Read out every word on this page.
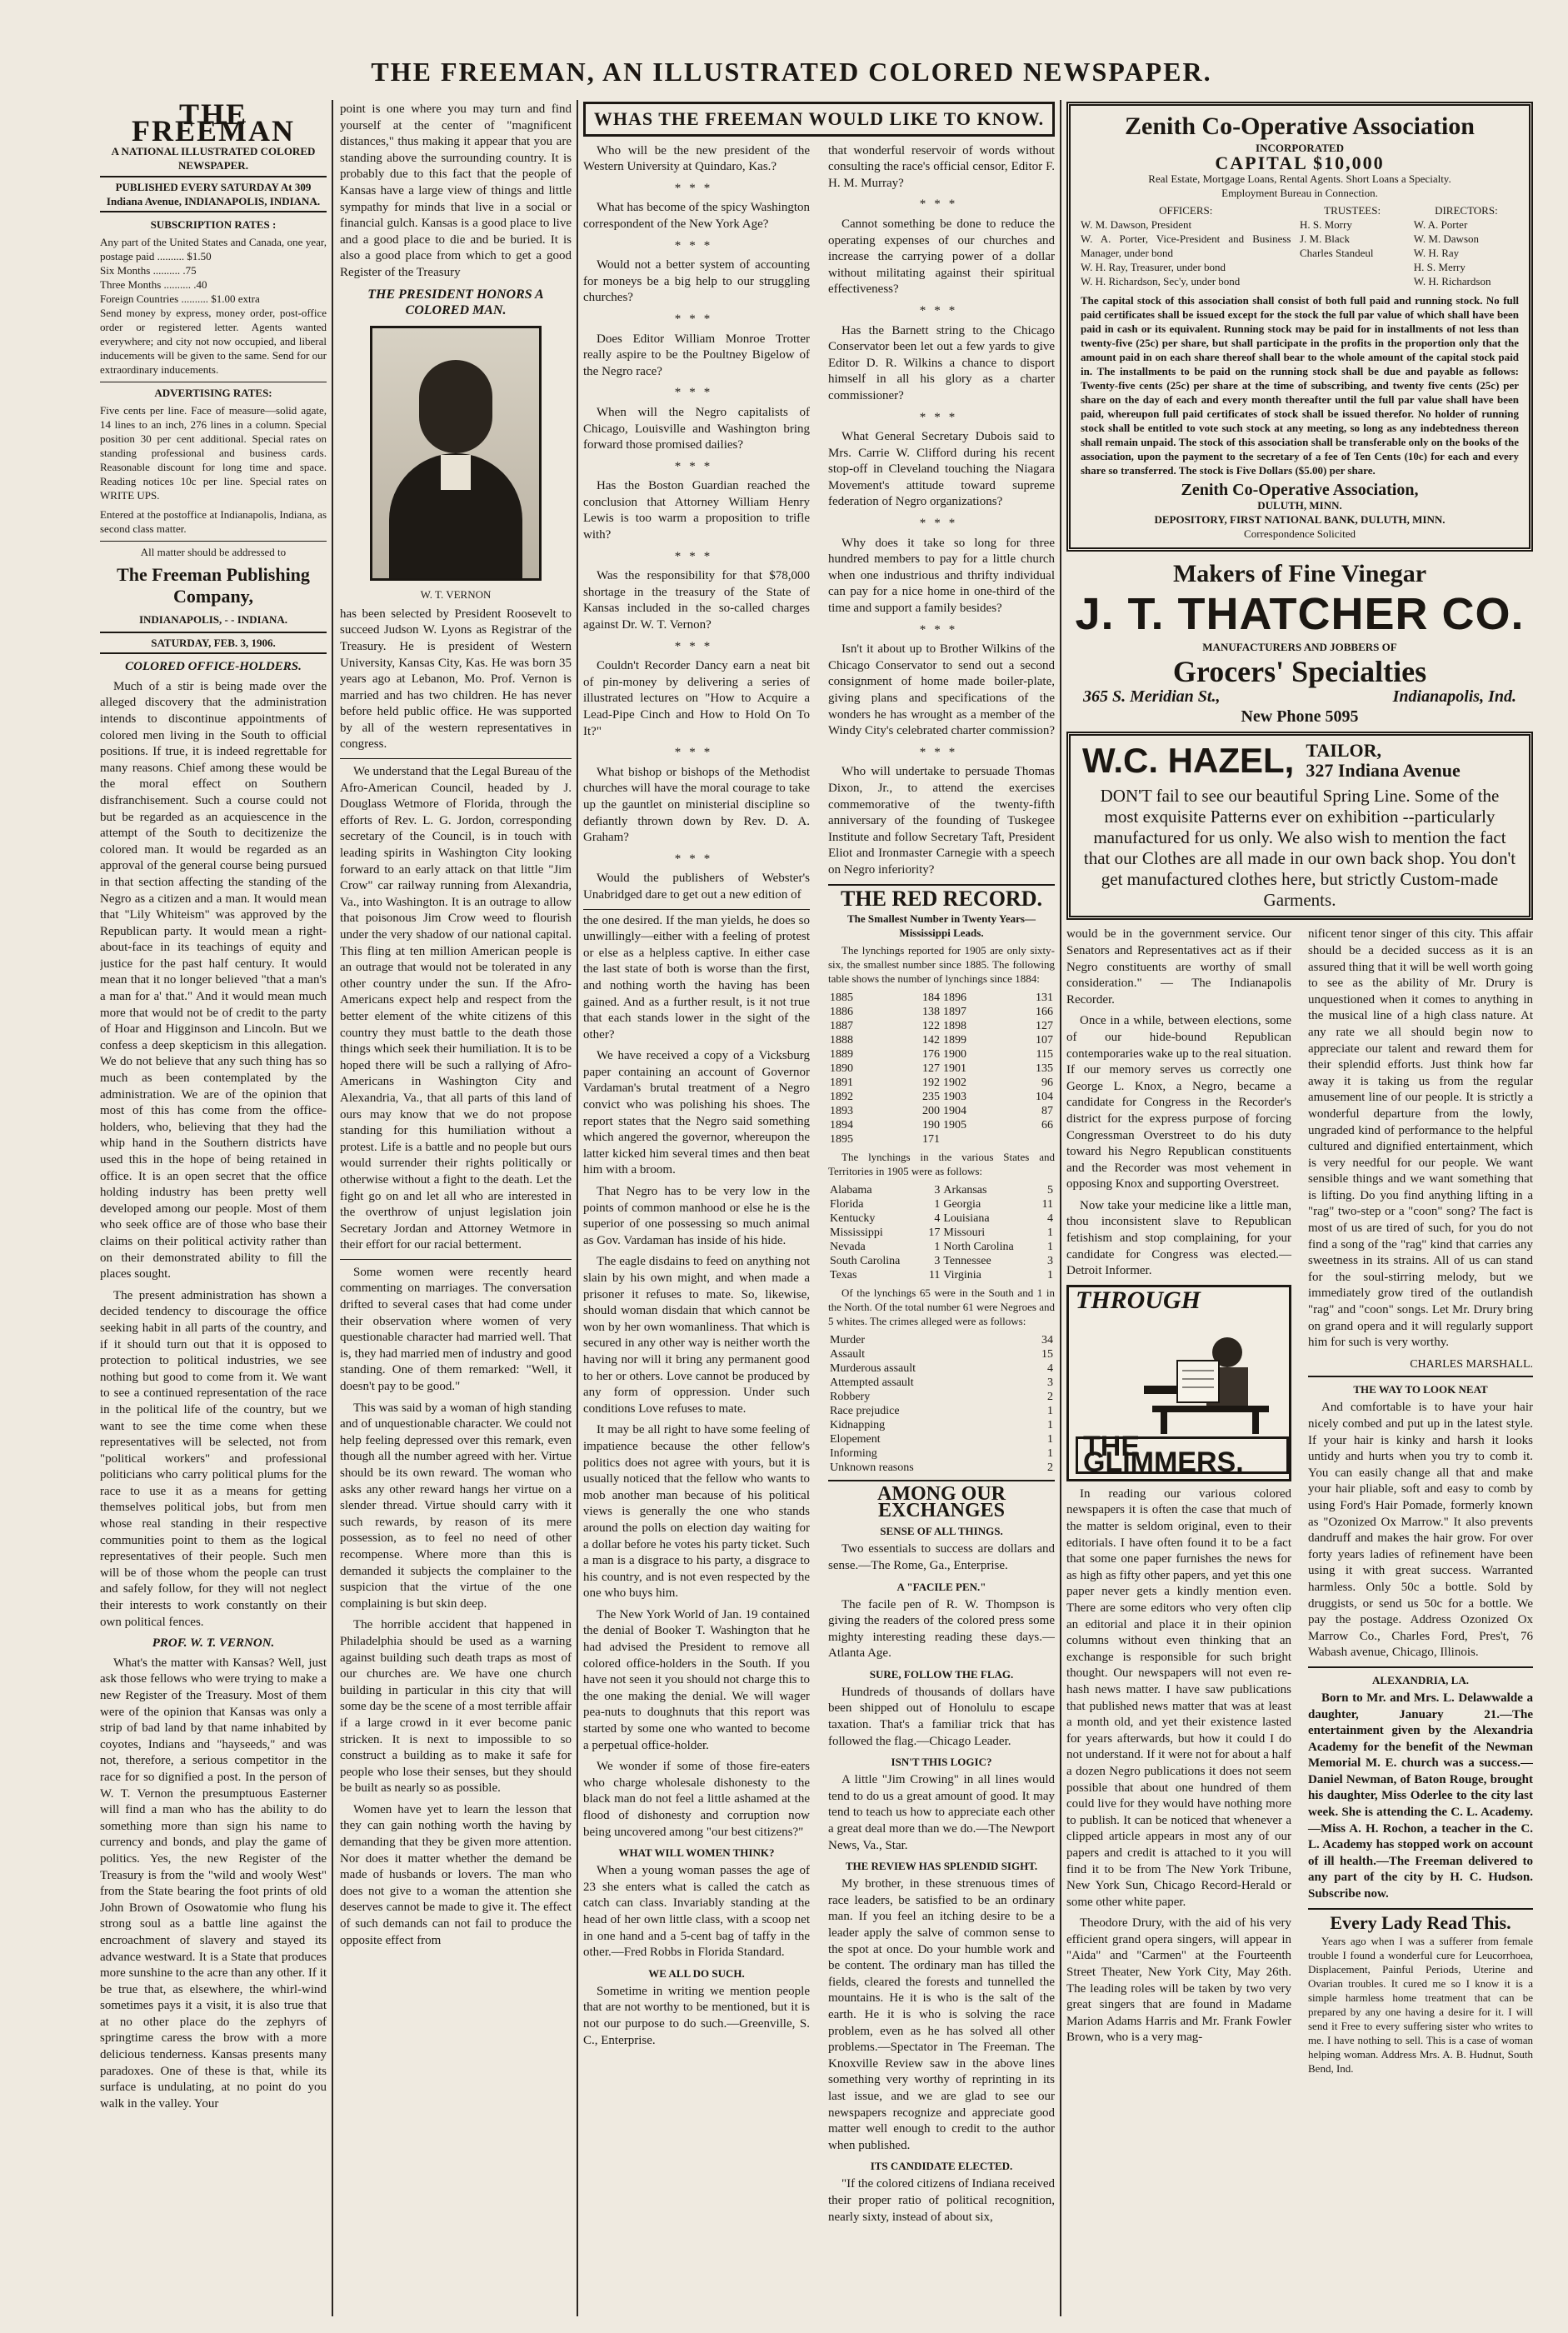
THE FREEMAN, AN ILLUSTRATED COLORED NEWSPAPER.
THE FREEMAN
A NATIONAL ILLUSTRATED COLORED NEWSPAPER.
PUBLISHED EVERY SATURDAY At 309 Indiana Avenue, INDIANAPOLIS, INDIANA.
SUBSCRIPTION RATES :
Any part of the United States and Canada, one year, postage paid .......... $1.50
Six Months .......... .75
Three Months .......... .40
Foreign Countries .......... $1.00 extra
Send money by express, money order, post-office order or registered letter. Agents wanted everywhere; and city not now occupied, and liberal inducements will be given to the same. Send for our extraordinary inducements.
ADVERTISING RATES:
Five cents per line. Face of measure—solid agate, 14 lines to an inch, 276 lines in a column. Special position 30 per cent additional. Special rates on standing professional and business cards. Reasonable discount for long time and space. Reading notices 10c per line. Special rates on WRITE UPS.
Entered at the postoffice at Indianapolis, Indiana, as second class matter.
All matter should be addressed to
The Freeman Publishing Company,
INDIANAPOLIS, - - INDIANA.
SATURDAY, FEB. 3, 1906.
COLORED OFFICE-HOLDERS.

Much of a stir is being made over the alleged discovery that the administration intends to discontinue appointments of colored men living in the South to official positions. If true, it is indeed regrettable for many reasons. Chief among these would be the moral effect on Southern disfranchisement. Such a course could not but be regarded as an acquiescence in the attempt of the South to decitizenize the colored man. It would be regarded as an approval of the general course being pursued in that section affecting the standing of the Negro as a citizen and a man. It would mean that "Lily Whiteism" was approved by the Republican party. It would mean a right-about-face in its teachings of equity and justice for the past half century. It would mean that it no longer believed "that a man's a man for a' that." And it would mean much more that would not be of credit to the party of Hoar and Higginson and Lincoln. But we confess a deep skepticism in this allegation. We do not believe that any such thing has so much as been contemplated by the administration. We are of the opinion that most of this has come from the office-holders, who, believing that they had the whip hand in the Southern districts have used this in the hope of being retained in office. It is an open secret that the office holding industry has been pretty well developed among our people. Most of them who seek office are of those who base their claims on their political activity rather than on their demonstrated ability to fill the places sought.

The present administration has shown a decided tendency to discourage the office seeking habit in all parts of the country, and if it should turn out that it is opposed to protection to political industries, we see nothing but good to come from it. We want to see a continued representation of the race in the political life of the country, but we want to see the time come when these representatives will be selected, not from "political workers" and professional politicians who carry political plums for the race to use it as a means for getting themselves political jobs, but from men whose real standing in their respective communities point to them as the logical representatives of their people. Such men will be of those whom the people can trust and safely follow, for they will not neglect their interests to work constantly on their own political fences.

PROF. W. T. VERNON.

What's the matter with Kansas? Well, just ask those fellows who were trying to make a new Register of the Treasury. Most of them were of the opinion that Kansas was only a strip of bad land by that name inhabited by coyotes, Indians and "hayseeds," and was not, therefore, a serious competitor in the race for so dignified a post. In the person of W. T. Vernon the presumptuous Easterner will find a man who has the ability to do something more than sign his name to currency and bonds, and play the game of politics. Yes, the new Register of the Treasury is from the "wild and wooly West" from the State bearing the foot prints of old John Brown of Osowatomie who flung his strong soul as a battle line against the encroachment of slavery and stayed its advance westward. It is a State that produces more sunshine to the acre than any other. If it be true that, as elsewhere, the whirl-wind sometimes pays it a visit, it is also true that at no other place do the zephyrs of springtime caress the brow with a more delicious tenderness. Kansas presents many paradoxes. One of these is that, while its surface is undulating, at no point do you walk in the valley. Your

point is one where you may turn and find yourself at the center of "magnificent distances," thus making it appear that you are standing above the surrounding country. It is probably due to this fact that the people of Kansas have a large view of things and little sympathy for minds that live in a social or financial gulch. Kansas is a good place to live and a good place to die and be buried. It is also a good place from which to get a good Register of the Treasury

THE PRESIDENT HONORS A COLORED MAN.
W. T. VERNON

has been selected by President Roosevelt to succeed Judson W. Lyons as Registrar of the Treasury. He is president of Western University, Kansas City, Kas. He was born 35 years ago at Lebanon, Mo. Prof. Vernon is married and has two children. He has never before held public office. He was supported by all of the western representatives in congress.

We understand that the Legal Bureau of the Afro-American Council, headed by J. Douglass Wetmore of Florida, through the efforts of Rev. L. G. Jordon, corresponding secretary of the Council, is in touch with leading spirits in Washington City looking forward to an early attack on that little "Jim Crow" car railway running from Alexandria, Va., into Washington. It is an outrage to allow that poisonous Jim Crow weed to flourish under the very shadow of our national capital. This fling at ten million American people is an outrage that would not be tolerated in any other country under the sun. If the Afro-Americans expect help and respect from the better element of the white citizens of this country they must battle to the death those things which seek their humiliation. It is to be hoped there will be such a rallying of Afro-Americans in Washington City and Alexandria, Va., that all parts of this land of ours may know that we do not propose standing for this humiliation without a protest. Life is a battle and no people but ours would surrender their rights politically or otherwise without a fight to the death. Let the fight go on and let all who are interested in the overthrow of unjust legislation join Secretary Jordan and Attorney Wetmore in their effort for our racial betterment.

Some women were recently heard commenting on marriages. The conversation drifted to several cases that had come under their observation where women of very questionable character had married well. That is, they had married men of industry and good standing. One of them remarked: "Well, it doesn't pay to be good."

This was said by a woman of high standing and of unquestionable character. We could not help feeling depressed over this remark, even though all the number agreed with her. Virtue should be its own reward. The woman who asks any other reward hangs her virtue on a slender thread. Virtue should carry with it such rewards, by reason of its mere possession, as to feel no need of other recompense. Where more than this is demanded it subjects the complainer to the suspicion that the virtue of the one complaining is but skin deep.

The horrible accident that happened in Philadelphia should be used as a warning against building such death traps as most of our churches are. We have one church building in particular in this city that will some day be the scene of a most terrible affair if a large crowd in it ever become panic stricken. It is next to impossible to so construct a building as to make it safe for people who lose their senses, but they should be built as nearly so as possible.

Women have yet to learn the lesson that they can gain nothing worth the having by demanding that they be given more attention. Nor does it matter whether the demand be made of husbands or lovers. The man who does not give to a woman the attention she deserves cannot be made to give it. The effect of such demands can not fail to produce the opposite effect from

WHAS THE FREEMAN WOULD LIKE TO KNOW.

Who will be the new president of the Western University at Quindaro, Kas.?

***

What has become of the spicy Washington correspondent of the New York Age?

***

Would not a better system of accounting for moneys be a big help to our struggling churches?

***

Does Editor William Monroe Trotter really aspire to be the Poultney Bigelow of the Negro race?

***

When will the Negro capitalists of Chicago, Louisville and Washington bring forward those promised dailies?

***

Has the Boston Guardian reached the conclusion that Attorney William Henry Lewis is too warm a proposition to trifle with?

***

Was the responsibility for that $78,000 shortage in the treasury of the State of Kansas included in the so-called charges against Dr. W. T. Vernon?

***

Couldn't Recorder Dancy earn a neat bit of pin-money by delivering a series of illustrated lectures on "How to Acquire a Lead-Pipe Cinch and How to Hold On To It?"

***

What bishop or bishops of the Methodist churches will have the moral courage to take up the gauntlet on ministerial discipline so defiantly thrown down by Rev. D. A. Graham?

***

Would the publishers of Webster's Unabridged dare to get out a new edition of

the one desired. If the man yields, he does so unwillingly—either with a feeling of protest or else as a helpless captive. In either case the last state of both is worse than the first, and nothing worth the having has been gained. And as a further result, is it not true that each stands lower in the sight of the other?

We have received a copy of a Vicksburg paper containing an account of Governor Vardaman's brutal treatment of a Negro convict who was polishing his shoes. The report states that the Negro said something which angered the governor, whereupon the latter kicked him several times and then beat him with a broom.

That Negro has to be very low in the points of common manhood or else he is the superior of one possessing so much animal as Gov. Vardaman has inside of his hide.

The eagle disdains to feed on anything not slain by his own might, and when made a prisoner it refuses to mate. So, likewise, should woman disdain that which cannot be won by her own womanliness. That which is secured in any other way is neither worth the having nor will it bring any permanent good to her or others. Love cannot be produced by any form of oppression. Under such conditions Love refuses to mate.

It may be all right to have some feeling of impatience because the other fellow's politics does not agree with yours, but it is usually noticed that the fellow who wants to mob another man because of his political views is generally the one who stands around the polls on election day waiting for a dollar before he votes his party ticket. Such a man is a disgrace to his party, a disgrace to his country, and is not even respected by the one who buys him.

The New York World of Jan. 19 contained the denial of Booker T. Washington that he had advised the President to remove all colored office-holders in the South. If you have not seen it you should not charge this to the one making the denial. We will wager pea-nuts to doughnuts that this report was started by some one who wanted to become a perpetual office-holder.

We wonder if some of those fire-eaters who charge wholesale dishonesty to the black man do not feel a little ashamed at the flood of dishonesty and corruption now being uncovered among "our best citizens?"

WHAT WILL WOMEN THINK?

When a young woman passes the age of 23 she enters what is called the catch as catch can class. Invariably standing at the head of her own little class, with a scoop net in one hand and a 5-cent bag of taffy in the other.—Fred Robbs in Florida Standard.

WE ALL DO SUCH.

Sometime in writing we mention people that are not worthy to be mentioned, but it is not our purpose to do such.—Greenville, S. C., Enterprise.

that wonderful reservoir of words without consulting the race's official censor, Editor F. H. M. Murray?

***

Cannot something be done to reduce the operating expenses of our churches and increase the carrying power of a dollar without militating against their spiritual effectiveness?

***

Has the Barnett string to the Chicago Conservator been let out a few yards to give Editor D. R. Wilkins a chance to disport himself in all his glory as a charter commissioner?

***

What General Secretary Dubois said to Mrs. Carrie W. Clifford during his recent stop-off in Cleveland touching the Niagara Movement's attitude toward supreme federation of Negro organizations?

***

Why does it take so long for three hundred members to pay for a little church when one industrious and thrifty individual can pay for a nice home in one-third of the time and support a family besides?

***

Isn't it about up to Brother Wilkins of the Chicago Conservator to send out a second consignment of home made boiler-plate, giving plans and specifications of the wonders he has wrought as a member of the Windy City's celebrated charter commission?

***

Who will undertake to persuade Thomas Dixon, Jr., to attend the exercises commemorative of the twenty-fifth anniversary of the founding of Tuskegee Institute and follow Secretary Taft, President Eliot and Ironmaster Carnegie with a speech on Negro inferiority?

THE RED RECORD.
The Smallest Number in Twenty Years—Mississippi Leads.

The lynchings reported for 1905 are only sixty-six, the smallest number since 1885. The following table shows the number of lynchings since 1884:

1885	184	1896	131
1886	138	1897	166
1887	122	1898	127
1888	142	1899	107
1889	176	1900	115
1890	127	1901	135
1891	192	1902	96
1892	235	1903	104
1893	200	1904	87
1894	190	1905	66
1895	171		

The lynchings in the various States and Territories in 1905 were as follows:

Alabama	3	Arkansas	5
Florida	1	Georgia	11
Kentucky	4	Louisiana	4
Mississippi	17	Missouri	1
Nevada	1	North Carolina	1
South Carolina	3	Tennessee	3
Texas	11	Virginia	1

Of the lynchings 65 were in the South and 1 in the North. Of the total number 61 were Negroes and 5 whites. The crimes alleged were as follows:

Murder	34
Assault	15
Murderous assault	4
Attempted assault	3
Robbery	2
Race prejudice	1
Kidnapping	1
Elopement	1
Informing	1
Unknown reasons	2
AMONG OUR EXCHANGES
SENSE OF ALL THINGS.

Two essentials to success are dollars and sense.—The Rome, Ga., Enterprise.

A "FACILE PEN."

The facile pen of R. W. Thompson is giving the readers of the colored press some mighty interesting reading these days.—Atlanta Age.

SURE, FOLLOW THE FLAG.

Hundreds of thousands of dollars have been shipped out of Honolulu to escape taxation. That's a familiar trick that has followed the flag.—Chicago Leader.

ISN'T THIS LOGIC?

A little "Jim Crowing" in all lines would tend to do us a great amount of good. It may tend to teach us how to appreciate each other a great deal more than we do.—The Newport News, Va., Star.

THE REVIEW HAS SPLENDID SIGHT.

My brother, in these strenuous times of race leaders, be satisfied to be an ordinary man. If you feel an itching desire to be a leader apply the salve of common sense to the spot at once. Do your humble work and be content. The ordinary man has tilled the fields, cleared the forests and tunnelled the mountains. He it is who is the salt of the earth. He it is who is solving the race problem, even as he has solved all other problems.—Spectator in The Freeman. The Knoxville Review saw in the above lines something very worthy of reprinting in its last issue, and we are glad to see our newspapers recognize and appreciate good matter well enough to credit to the author when published.

ITS CANDIDATE ELECTED.

"If the colored citizens of Indiana received their proper ratio of political recognition, nearly sixty, instead of about six,

Zenith Co-Operative Association
INCORPORATED
CAPITAL $10,000
Real Estate, Mortgage Loans, Rental Agents. Short Loans a Specialty.
Employment Bureau in Connection.
OFFICERS:
W. M. Dawson, President
W. A. Porter, Vice-President and Business Manager, under bond
W. H. Ray, Treasurer, under bond
W. H. Richardson, Sec'y, under bond
TRUSTEES:
H. S. Morry
J. M. Black
Charles Standeul
DIRECTORS:
W. A. Porter
W. M. Dawson
W. H. Ray
H. S. Merry
W. H. Richardson
The capital stock of this association shall consist of both full paid and running stock. No full paid certificates shall be issued except for the stock the full par value of which shall have been paid in cash or its equivalent. Running stock may be paid for in installments of not less than twenty-five (25c) per share, but shall participate in the profits in the proportion only that the amount paid in on each share thereof shall bear to the whole amount of the capital stock paid in. The installments to be paid on the running stock shall be due and payable as follows: Twenty-five cents (25c) per share at the time of subscribing, and twenty five cents (25c) per share on the day of each and every month thereafter until the full par value shall have been paid, whereupon full paid certificates of stock shall be issued therefor. No holder of running stock shall be entitled to vote such stock at any meeting, so long as any indebtedness thereon shall remain unpaid. The stock of this association shall be transferable only on the books of the association, upon the payment to the secretary of a fee of Ten Cents (10c) for each and every share so transferred. The stock is Five Dollars ($5.00) per share.
Zenith Co-Operative Association,
DULUTH, MINN.
DEPOSITORY, FIRST NATIONAL BANK, DULUTH, MINN.
Correspondence Solicited
Makers of Fine Vinegar
J. T. THATCHER CO.
MANUFACTURERS AND JOBBERS OF
Grocers' Specialties
365 S. Meridian St.,	Indianapolis, Ind.
New Phone 5095
W.C. HAZEL, TAILOR,
327 Indiana Avenue
DON'T fail to see our beautiful Spring Line. Some of the most exquisite Patterns ever on exhibition --particularly manufactured for us only. We also wish to mention the fact that our Clothes are all made in our own back shop. You don't get manufactured clothes here, but strictly Custom-made Garments.

would be in the government service. Our Senators and Representatives act as if their Negro constituents are worthy of small consideration." — The Indianapolis Recorder.

Once in a while, between elections, some of our hide-bound Republican contemporaries wake up to the real situation. If our memory serves us correctly one George L. Knox, a Negro, became a candidate for Congress in the Recorder's district for the express purpose of forcing Congressman Overstreet to do his duty toward his Negro Republican constituents and the Recorder was most vehement in opposing Knox and supporting Overstreet.

Now take your medicine like a little man, thou inconsistent slave to Republican fetishism and stop complaining, for your candidate for Congress was elected.—Detroit Informer.

THROUGH
THE GLIMMERS.

In reading our various colored newspapers it is often the case that much of the matter is seldom original, even to their editorials. I have often found it to be a fact that some one paper furnishes the news for as high as fifty other papers, and yet this one paper never gets a kindly mention even. There are some editors who very often clip an editorial and place it in their opinion columns without even thinking that an exchange is responsible for such bright thought. Our newspapers will not even re-hash news matter. I have saw publications that published news matter that was at least a month old, and yet their existence lasted for years afterwards, but how it could I do not understand. If it were not for about a half a dozen Negro publications it does not seem possible that about one hundred of them could live for they would have nothing more to publish. It can be noticed that whenever a clipped article appears in most any of our papers and credit is attached to it you will find it to be from The New York Tribune, New York Sun, Chicago Record-Herald or some other white paper.

Theodore Drury, with the aid of his very efficient grand opera singers, will appear in "Aida" and "Carmen" at the Fourteenth Street Theater, New York City, May 26th. The leading roles will be taken by two very great singers that are found in Madame Marion Adams Harris and Mr. Frank Fowler Brown, who is a very mag-

nificent tenor singer of this city. This affair should be a decided success as it is an assured thing that it will be well worth going to see as the ability of Mr. Drury is unquestioned when it comes to anything in the musical line of a high class nature. At any rate we all should begin now to appreciate our talent and reward them for their splendid efforts. Just think how far away it is taking us from the regular amusement line of our people. It is strictly a wonderful departure from the lowly, ungraded kind of performance to the helpful cultured and dignified entertainment, which is very needful for our people. We want sensible things and we want something that is lifting. Do you find anything lifting in a "rag" two-step or a "coon" song? The fact is most of us are tired of such, for you do not find a song of the "rag" kind that carries any sweetness in its strains. All of us can stand for the soul-stirring melody, but we immediately grow tired of the outlandish "rag" and "coon" songs. Let Mr. Drury bring on grand opera and it will regularly support him for such is very worthy.

CHARLES MARSHALL.
THE WAY TO LOOK NEAT

And comfortable is to have your hair nicely combed and put up in the latest style. If your hair is kinky and harsh it looks untidy and hurts when you try to comb it. You can easily change all that and make your hair pliable, soft and easy to comb by using Ford's Hair Pomade, formerly known as "Ozonized Ox Marrow." It also prevents dandruff and makes the hair grow. For over forty years ladies of refinement have been using it with great success. Warranted harmless. Only 50c a bottle. Sold by druggists, or send us 50c for a bottle. We pay the postage. Address Ozonized Ox Marrow Co., Charles Ford, Pres't, 76 Wabash avenue, Chicago, Illinois.

ALEXANDRIA, LA.

Born to Mr. and Mrs. L. Delawwalde a daughter, January 21.—The entertainment given by the Alexandria Academy for the benefit of the Newman Memorial M. E. church was a success.—Daniel Newman, of Baton Rouge, brought his daughter, Miss Oderlee to the city last week. She is attending the C. L. Academy.—Miss A. H. Rochon, a teacher in the C. L. Academy has stopped work on account of ill health.—The Freeman delivered to any part of the city by H. C. Hudson. Subscribe now.

Every Lady Read This.

Years ago when I was a sufferer from female trouble I found a wonderful cure for Leucorrhoea, Displacement, Painful Periods, Uterine and Ovarian troubles. It cured me so I know it is a simple harmless home treatment that can be prepared by any one having a desire for it. I will send it Free to every suffering sister who writes to me. I have nothing to sell. This is a case of woman helping woman. Address Mrs. A. B. Hudnut, South Bend, Ind.
